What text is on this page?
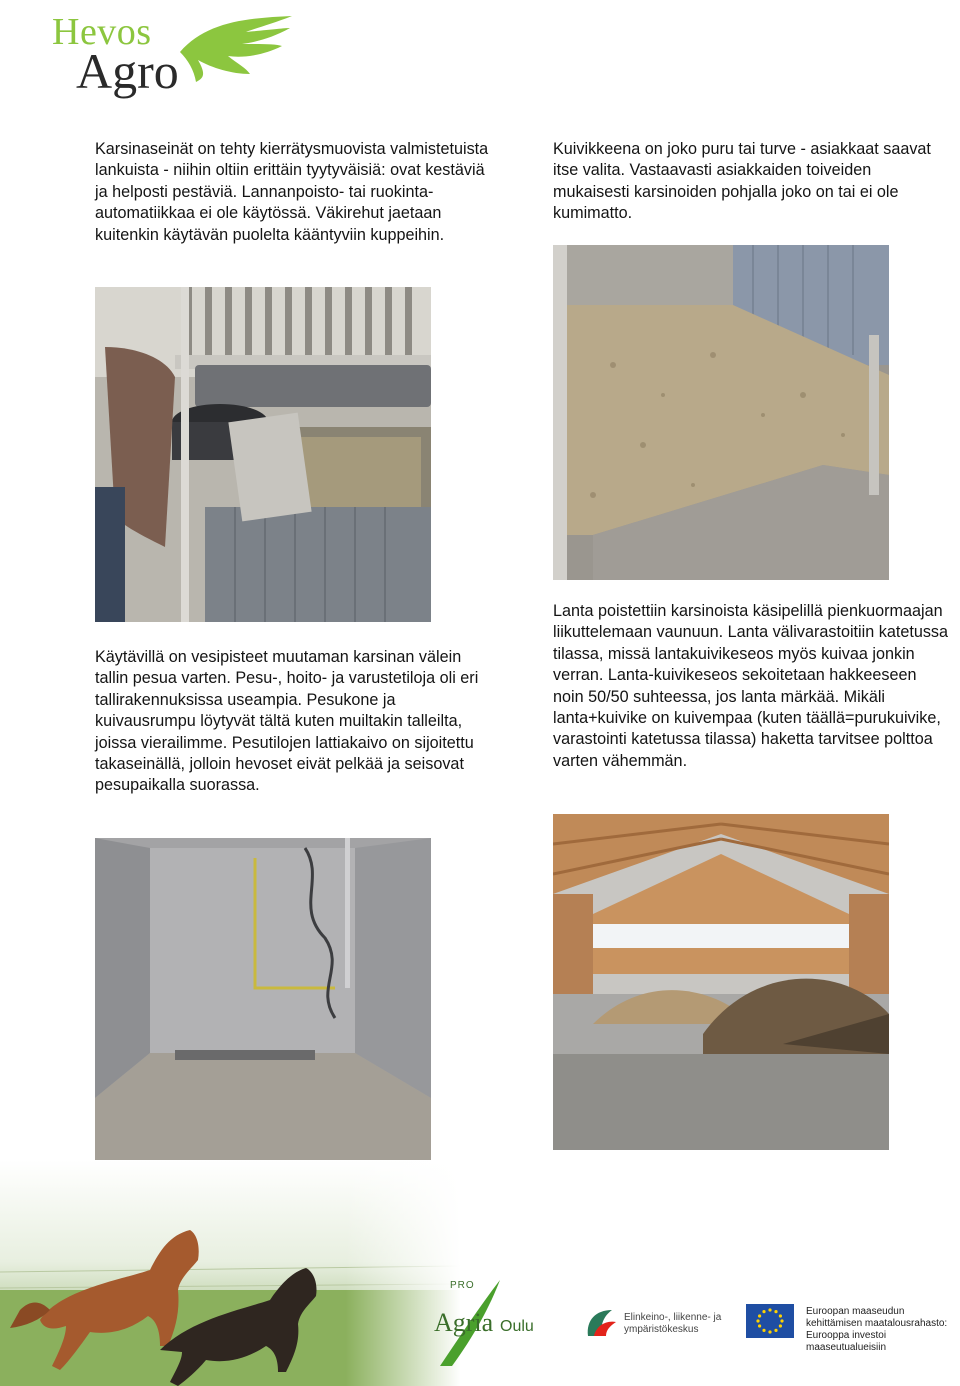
Hevos
Agro
Karsinaseinät on tehty kierrätysmuovista valmistetuista lankuista - niihin oltiin erittäin tyytyväisiä: ovat kestäviä ja helposti pestäviä. Lannanpoisto- tai ruokinta-automatiikkaa ei ole käytössä. Väkirehut jaetaan kuitenkin käytävän puolelta kääntyviin kuppeihin.
Kuivikkeena on joko puru tai turve - asiakkaat saavat itse valita. Vastaavasti asiakkaiden toiveiden mukaisesti karsinoiden pohjalla joko on tai ei ole kumimatto.
Käytävillä on vesipisteet muutaman karsinan välein tallin pesua varten. Pesu-, hoito- ja varustetiloja oli eri tallirakennuksissa useampia. Pesukone ja kuivausrumpu löytyvät tältä kuten muiltakin talleilta, joissa vierailimme. Pesutilojen lattiakaivo on sijoitettu takaseinällä, jolloin hevoset eivät pelkää ja seisovat pesupaikalla suorassa.
Lanta poistettiin karsinoista käsipelillä pienkuormaajan liikuttelemaan vaunuun. Lanta välivarastoitiin katetussa tilassa, missä lantakuivikeseos myös kuivaa jonkin verran. Lanta-kuivikeseos sekoitetaan hakkeeseen noin 50/50 suhteessa, jos lanta märkää. Mikäli lanta+kuivike on kuivempaa (kuten täällä=purukuivike, varastointi katetussa tilassa) haketta tarvitsee polttoa varten vähemmän.
PRO
Agria Oulu
Elinkeino-, liikenne- ja ympäristökeskus
Euroopan maaseudun kehittämisen maatalousrahasto: Eurooppa investoi maaseutualueisiin
